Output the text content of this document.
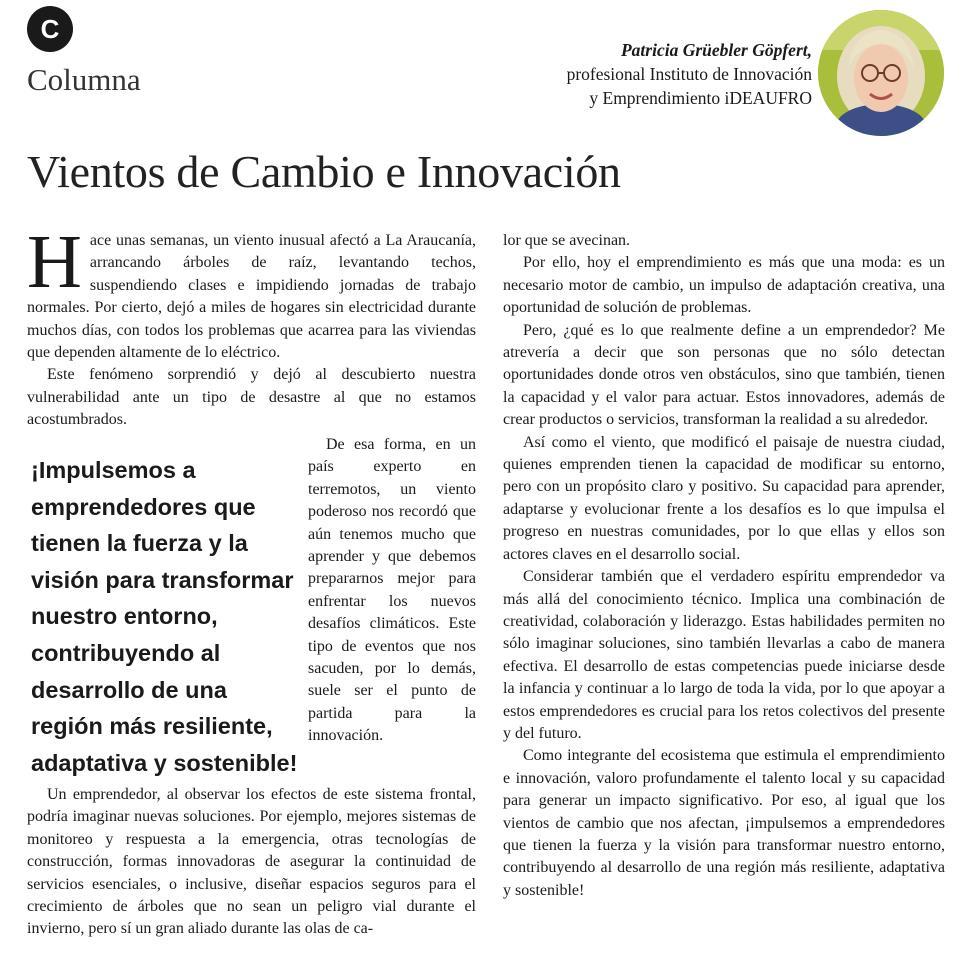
C
Columna
Patricia Grüebler Göpfert,
profesional Instituto de Innovación
y Emprendimiento iDEAUFRO
Vientos de Cambio e Innovación

Hace unas semanas, un viento inusual afectó a La Araucanía, arrancando árboles de raíz, levantando techos, suspendiendo clases e impidiendo jornadas de trabajo normales. Por cierto, dejó a miles de hogares sin electricidad durante muchos días, con todos los problemas que acarrea para las viviendas que dependen altamente de lo eléctrico.

Este fenómeno sorprendió y dejó al descubierto nuestra vulnerabilidad ante un tipo de desastre al que no estamos acostumbrados.

¡Impulsemos a emprendedores que tienen la fuerza y la visión para transformar nuestro entorno, contribuyendo al desarrollo de una región más resiliente, adaptativa y sostenible!

De esa forma, en un país experto en terremotos, un viento poderoso nos recordó que aún tenemos mucho que aprender y que debemos prepararnos mejor para enfrentar los nuevos desafíos climáticos. Este tipo de eventos que nos sacuden, por lo demás, suele ser el punto de partida para la innovación.

Un emprendedor, al observar los efectos de este sistema frontal, podría imaginar nuevas soluciones. Por ejemplo, mejores sistemas de monitoreo y respuesta a la emergencia, otras tecnologías de construcción, formas innovadoras de asegurar la continuidad de servicios esenciales, o inclusive, diseñar espacios seguros para el crecimiento de árboles que no sean un peligro vial durante el invierno, pero sí un gran aliado durante las olas de ca-

lor que se avecinan.

Por ello, hoy el emprendimiento es más que una moda: es un necesario motor de cambio, un impulso de adaptación creativa, una oportunidad de solución de problemas.

Pero, ¿qué es lo que realmente define a un emprendedor? Me atrevería a decir que son personas que no sólo detectan oportunidades donde otros ven obstáculos, sino que también, tienen la capacidad y el valor para actuar. Estos innovadores, además de crear productos o servicios, transforman la realidad a su alrededor.

Así como el viento, que modificó el paisaje de nuestra ciudad, quienes emprenden tienen la capacidad de modificar su entorno, pero con un propósito claro y positivo. Su capacidad para aprender, adaptarse y evolucionar frente a los desafíos es lo que impulsa el progreso en nuestras comunidades, por lo que ellas y ellos son actores claves en el desarrollo social.

Considerar también que el verdadero espíritu emprendedor va más allá del conocimiento técnico. Implica una combinación de creatividad, colaboración y liderazgo. Estas habilidades permiten no sólo imaginar soluciones, sino también llevarlas a cabo de manera efectiva. El desarrollo de estas competencias puede iniciarse desde la infancia y continuar a lo largo de toda la vida, por lo que apoyar a estos emprendedores es crucial para los retos colectivos del presente y del futuro.

Como integrante del ecosistema que estimula el emprendimiento e innovación, valoro profundamente el talento local y su capacidad para generar un impacto significativo. Por eso, al igual que los vientos de cambio que nos afectan, ¡impulsemos a emprendedores que tienen la fuerza y la visión para transformar nuestro entorno, contribuyendo al desarrollo de una región más resiliente, adaptativa y sostenible!
